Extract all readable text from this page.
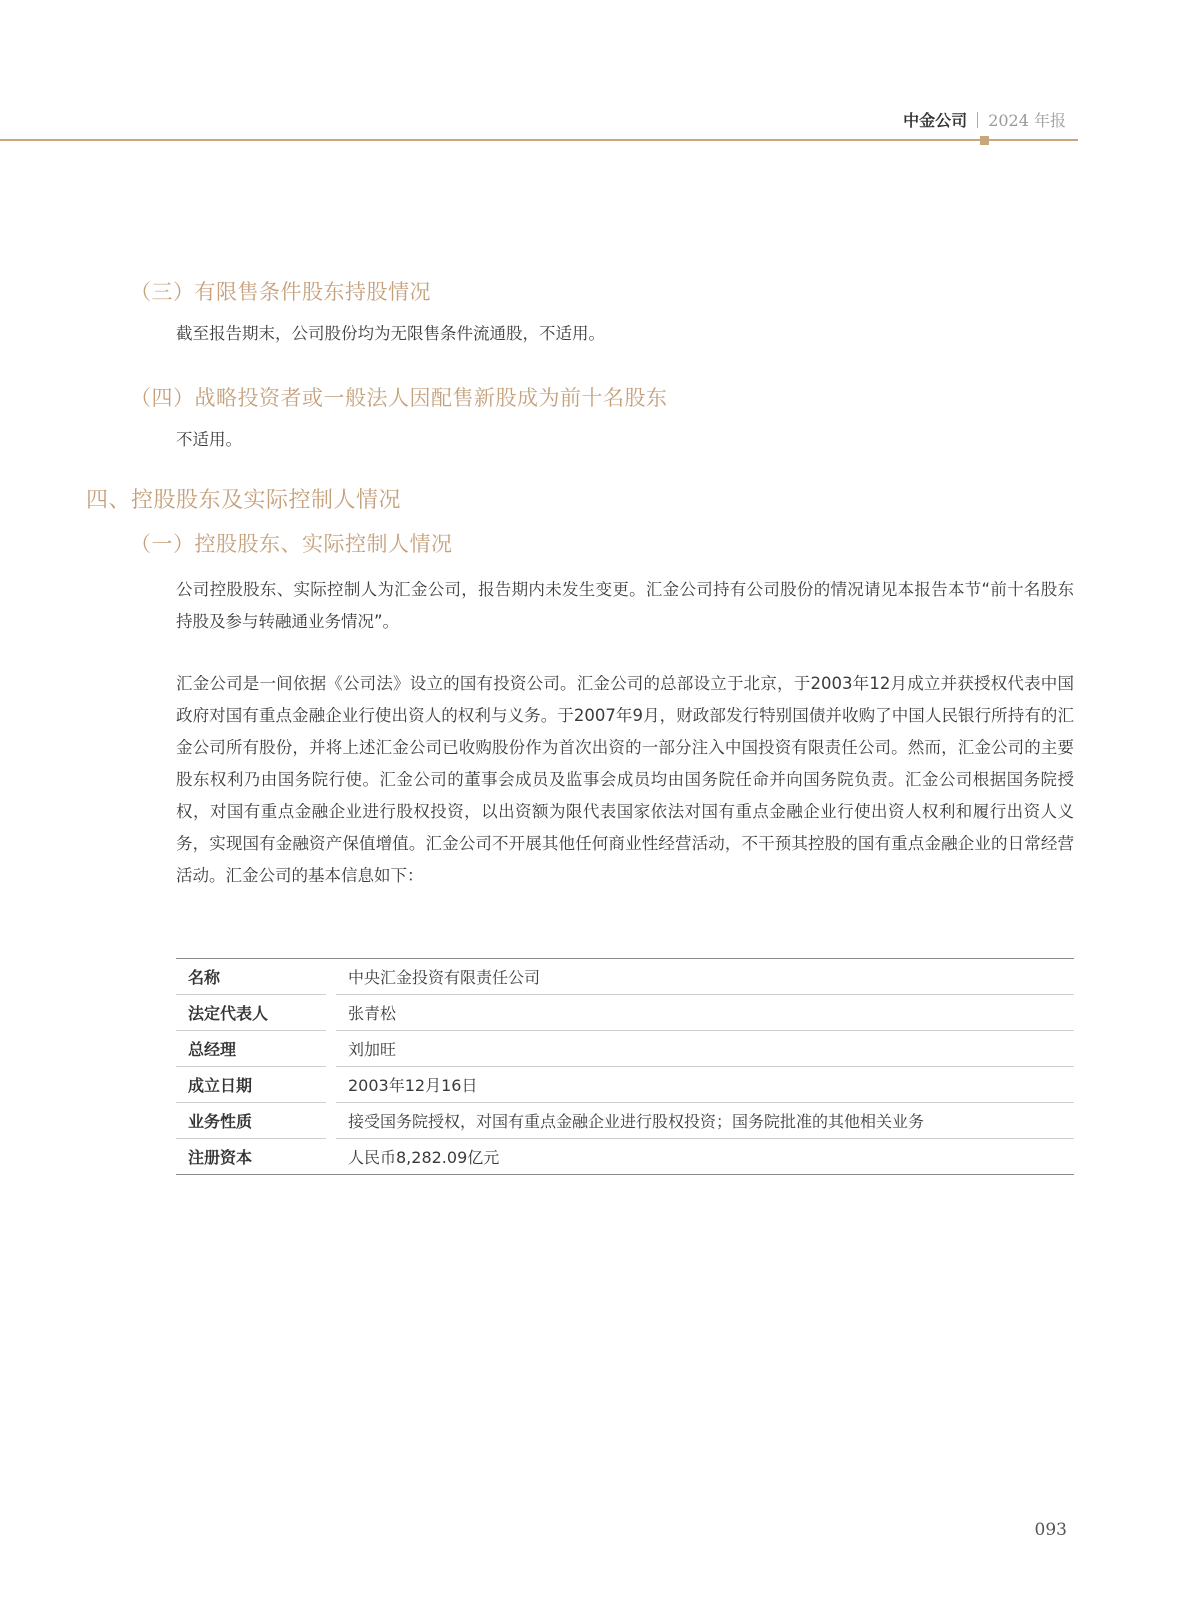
中金公司 2024 年报
（三）有限售条件股东持股情况

截至报告期末，公司股份均为无限售条件流通股，不适用。

（四）战略投资者或一般法人因配售新股成为前十名股东

不适用。

四、控股股东及实际控制人情况
（一）控股股东、实际控制人情况

公司控股股东、实际控制人为汇金公司，报告期内未发生变更。汇金公司持有公司股份的情况请见本报告本节“前十名股东持股及参与转融通业务情况”。

汇金公司是一间依据《公司法》设立的国有投资公司。汇金公司的总部设立于北京，于2003年12月成立并获授权代表中国政府对国有重点金融企业行使出资人的权利与义务。于2007年9月，财政部发行特别国债并收购了中国人民银行所持有的汇金公司所有股份，并将上述汇金公司已收购股份作为首次出资的一部分注入中国投资有限责任公司。然而，汇金公司的主要股东权利乃由国务院行使。汇金公司的董事会成员及监事会成员均由国务院任命并向国务院负责。汇金公司根据国务院授权，对国有重点金融企业进行股权投资，以出资额为限代表国家依法对国有重点金融企业行使出资人权利和履行出资人义务，实现国有金融资产保值增值。汇金公司不开展其他任何商业性经营活动，不干预其控股的国有重点金融企业的日常经营活动。汇金公司的基本信息如下：

名称		中央汇金投资有限责任公司
法定代表人		张青松
总经理		刘加旺
成立日期		2003年12月16日
业务性质		接受国务院授权，对国有重点金融企业进行股权投资；国务院批准的其他相关业务
注册资本		人民币8,282.09亿元
093
